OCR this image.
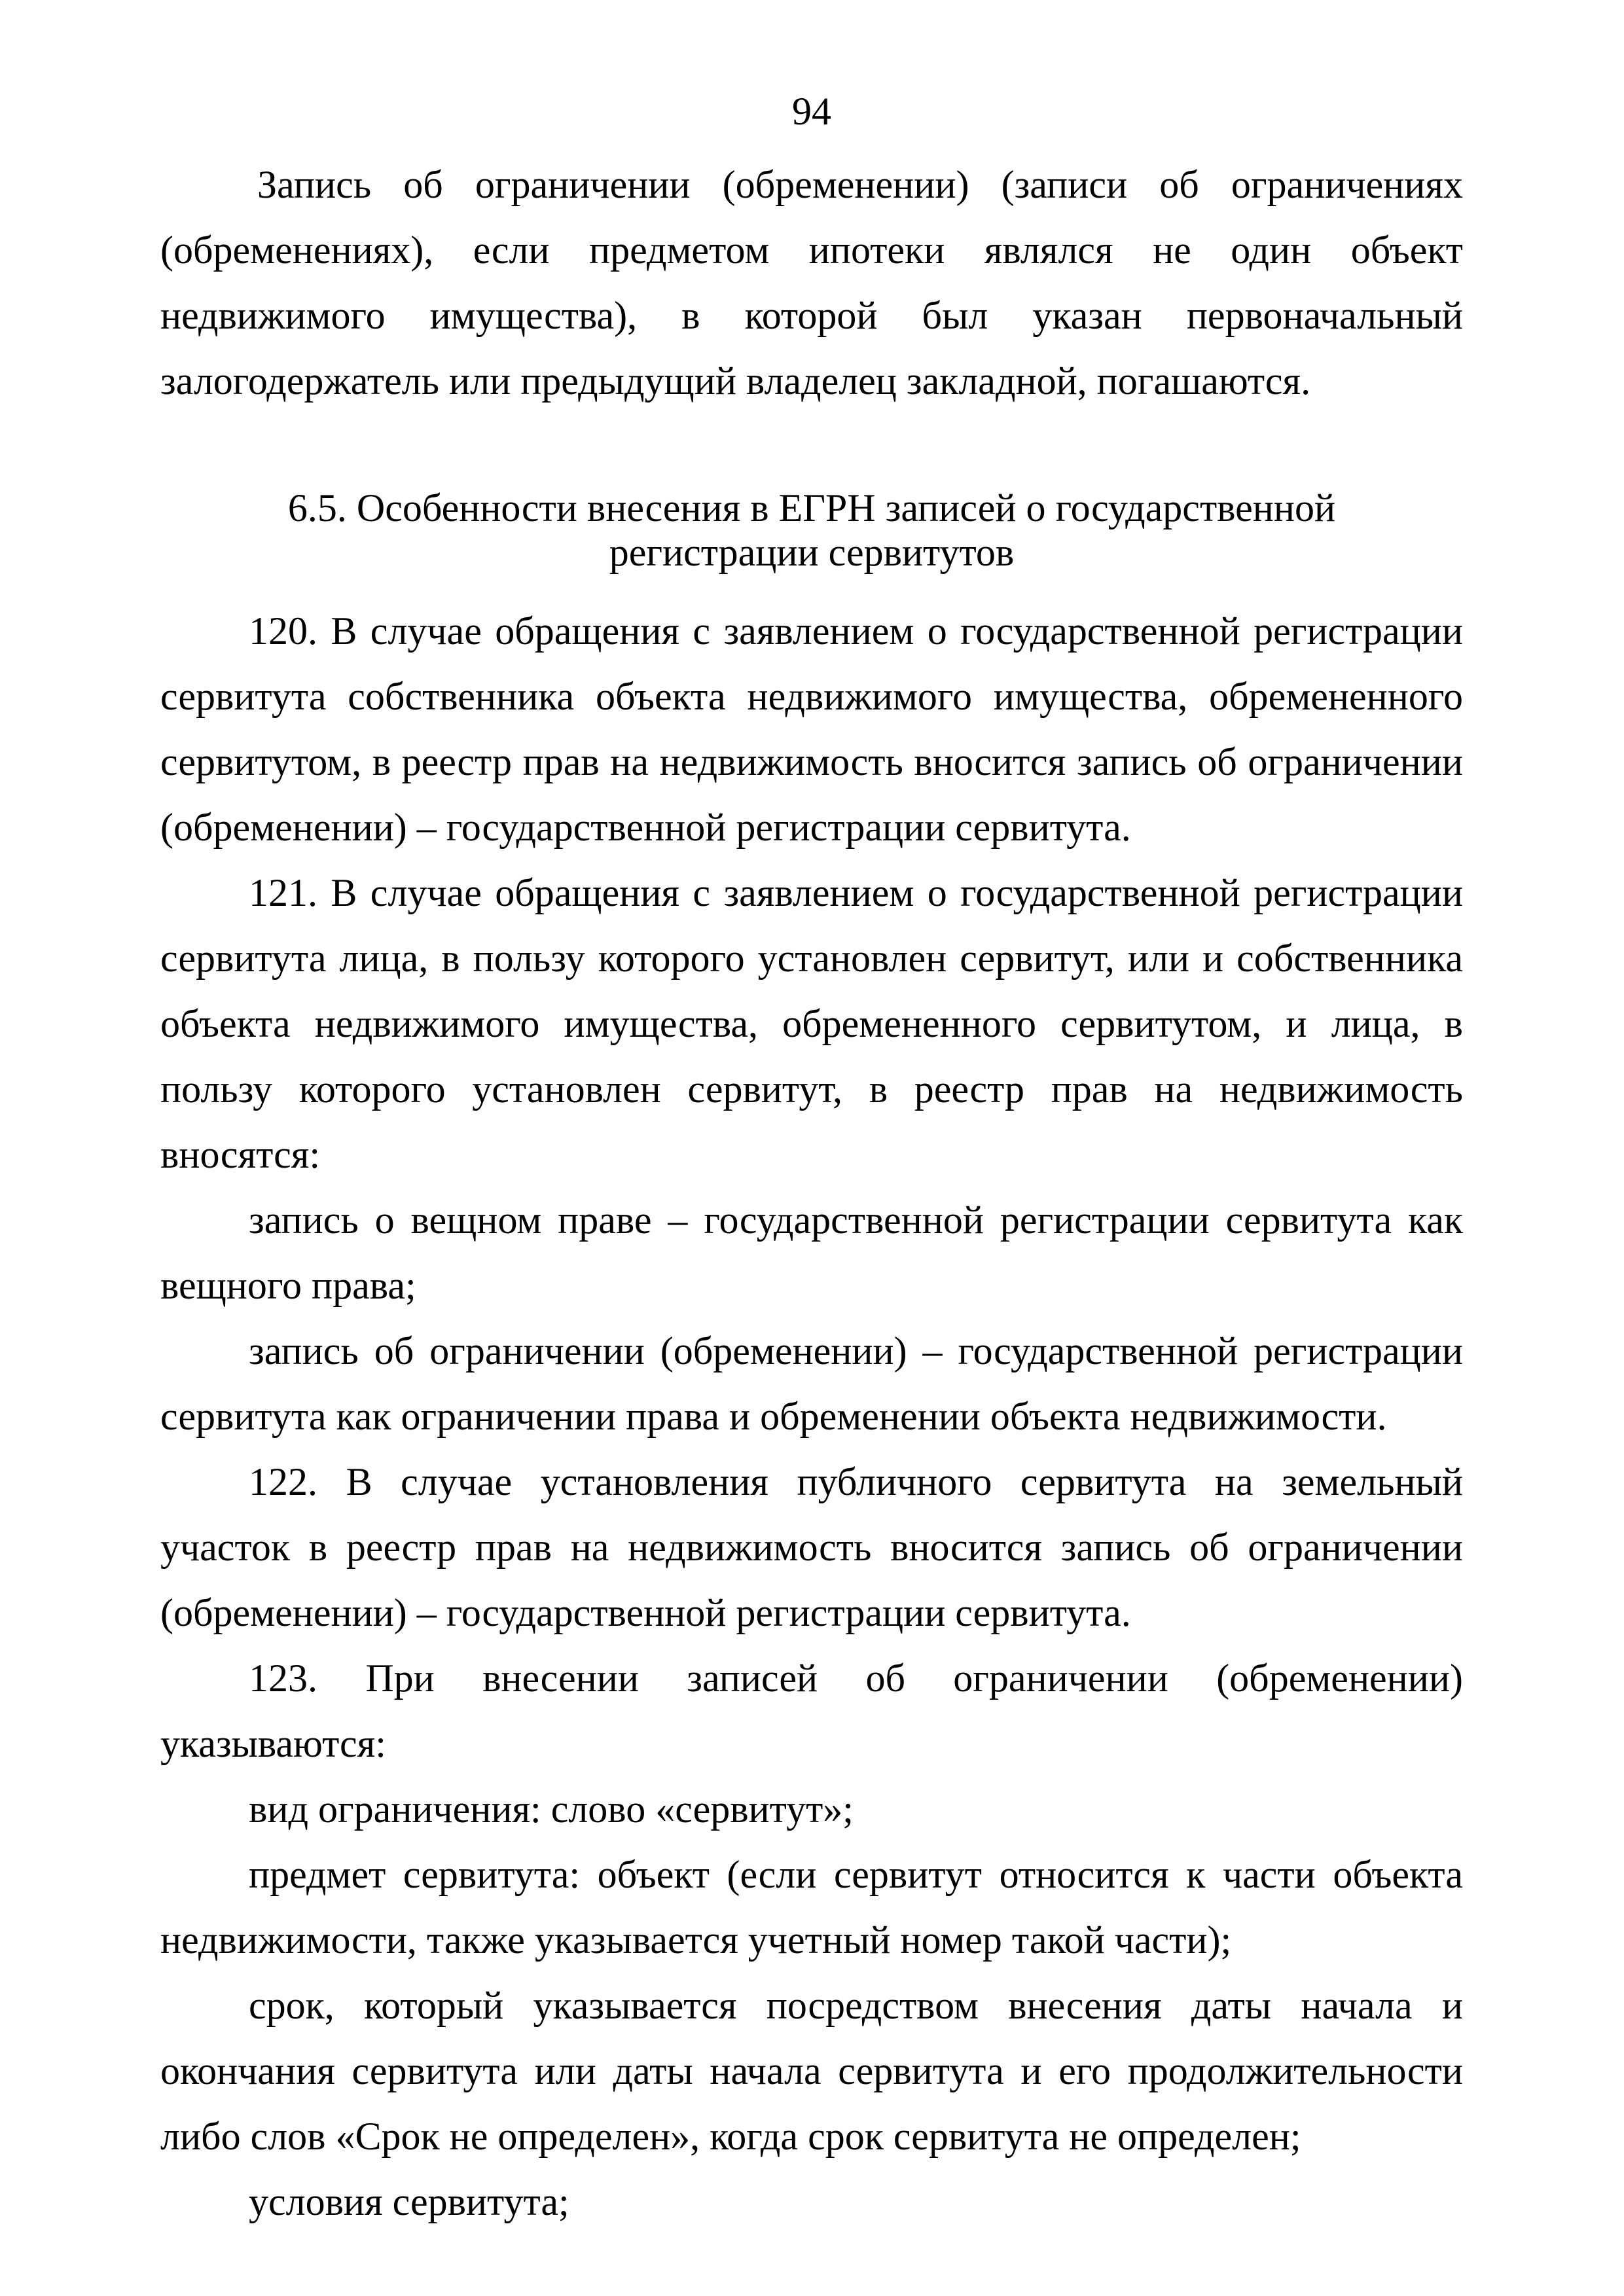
94

Запись об ограничении (обременении) (записи об ограничениях (обременениях), если предметом ипотеки являлся не один объект недвижимого имущества), в которой был указан первоначальный залогодержатель или предыдущий владелец закладной, погашаются.

6.5. Особенности внесения в ЕГРН записей о государственной
регистрации сервитутов

120. В случае обращения с заявлением о государственной регистрации сервитута собственника объекта недвижимого имущества, обремененного сервитутом, в реестр прав на недвижимость вносится запись об ограничении (обременении) – государственной регистрации сервитута.

121. В случае обращения с заявлением о государственной регистрации сервитута лица, в пользу которого установлен сервитут, или и собственника объекта недвижимого имущества, обремененного сервитутом, и лица, в пользу которого установлен сервитут, в реестр прав на недвижимость вносятся:

запись о вещном праве – государственной регистрации сервитута как вещного права;

запись об ограничении (обременении) – государственной регистрации сервитута как ограничении права и обременении объекта недвижимости.

122. В случае установления публичного сервитута на земельный участок в реестр прав на недвижимость вносится запись об ограничении (обременении) – государственной регистрации сервитута.

123. При внесении записей об ограничении (обременении) указываются:

вид ограничения: слово «сервитут»;

предмет сервитута: объект (если сервитут относится к части объекта недвижимости, также указывается учетный номер такой части);

срок, который указывается посредством внесения даты начала и окончания сервитута или даты начала сервитута и его продолжительности либо слов «Срок не определен», когда срок сервитута не определен;

условия сервитута;
